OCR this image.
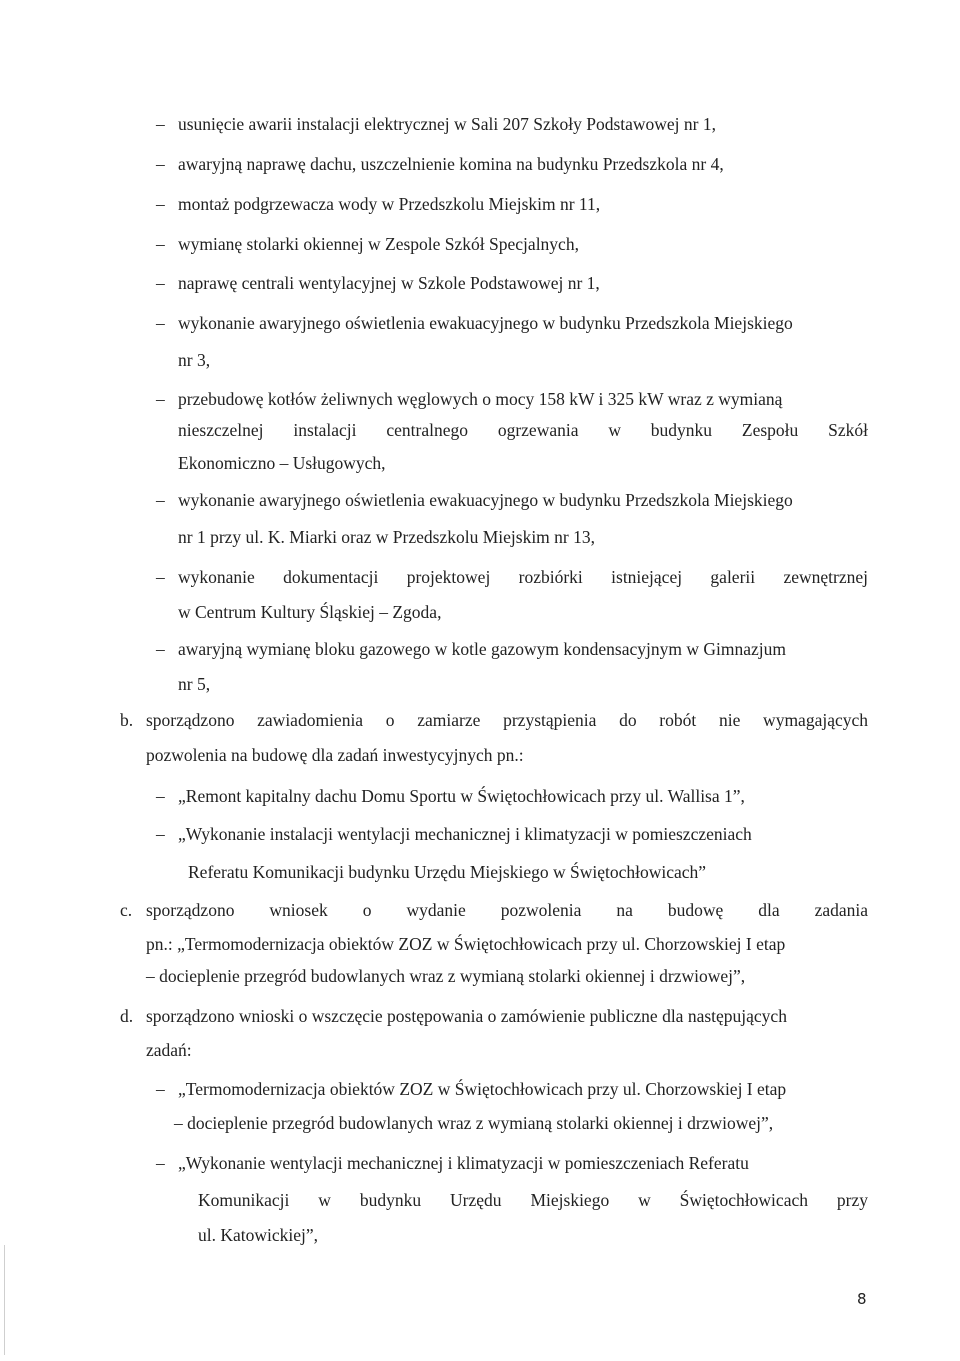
–
–
–
–
–
–
–
–
–
–
–
–
–
–
b.
c.
d.
usunięcie awarii instalacji elektrycznej w Sali 207 Szkoły Podstawowej nr 1,
awaryjną naprawę dachu, uszczelnienie komina na budynku Przedszkola nr 4,
montaż podgrzewacza wody w Przedszkolu Miejskim nr 11,
wymianę stolarki okiennej w Zespole Szkół Specjalnych,
naprawę centrali wentylacyjnej w Szkole Podstawowej nr 1,
wykonanie awaryjnego oświetlenia ewakuacyjnego w budynku Przedszkola Miejskiego
nr 3,
przebudowę kotłów żeliwnych węglowych o mocy 158 kW i 325 kW wraz z wymianą
nieszczelnej instalacji centralnego ogrzewania w budynku Zespołu Szkół
Ekonomiczno – Usługowych,
wykonanie awaryjnego oświetlenia ewakuacyjnego w budynku Przedszkola Miejskiego
nr 1 przy ul. K. Miarki oraz w Przedszkolu Miejskim nr 13,
wykonanie dokumentacji projektowej rozbiórki istniejącej galerii zewnętrznej
w Centrum Kultury Śląskiej – Zgoda,
awaryjną wymianę bloku gazowego w kotle gazowym kondensacyjnym w Gimnazjum
nr 5,
sporządzono zawiadomienia o zamiarze przystąpienia do robót nie wymagających
pozwolenia na budowę dla zadań inwestycyjnych pn.:
„Remont kapitalny dachu Domu Sportu w Świętochłowicach przy ul. Wallisa 1”,
„Wykonanie instalacji wentylacji mechanicznej i klimatyzacji w pomieszczeniach
Referatu Komunikacji budynku Urzędu Miejskiego w Świętochłowicach”
sporządzono wniosek o wydanie pozwolenia na budowę dla zadania
pn.: „Termomodernizacja obiektów ZOZ w Świętochłowicach przy ul. Chorzowskiej I etap
– docieplenie przegród budowlanych wraz z wymianą stolarki okiennej i drzwiowej”,
sporządzono wnioski o wszczęcie postępowania o zamówienie publiczne dla następujących
zadań:
„Termomodernizacja obiektów ZOZ w Świętochłowicach przy ul. Chorzowskiej I etap
– docieplenie przegród budowlanych wraz z wymianą stolarki okiennej i drzwiowej”,
„Wykonanie wentylacji mechanicznej i klimatyzacji w pomieszczeniach Referatu
Komunikacji w budynku Urzędu Miejskiego w Świętochłowicach przy
ul. Katowickiej”,
8
